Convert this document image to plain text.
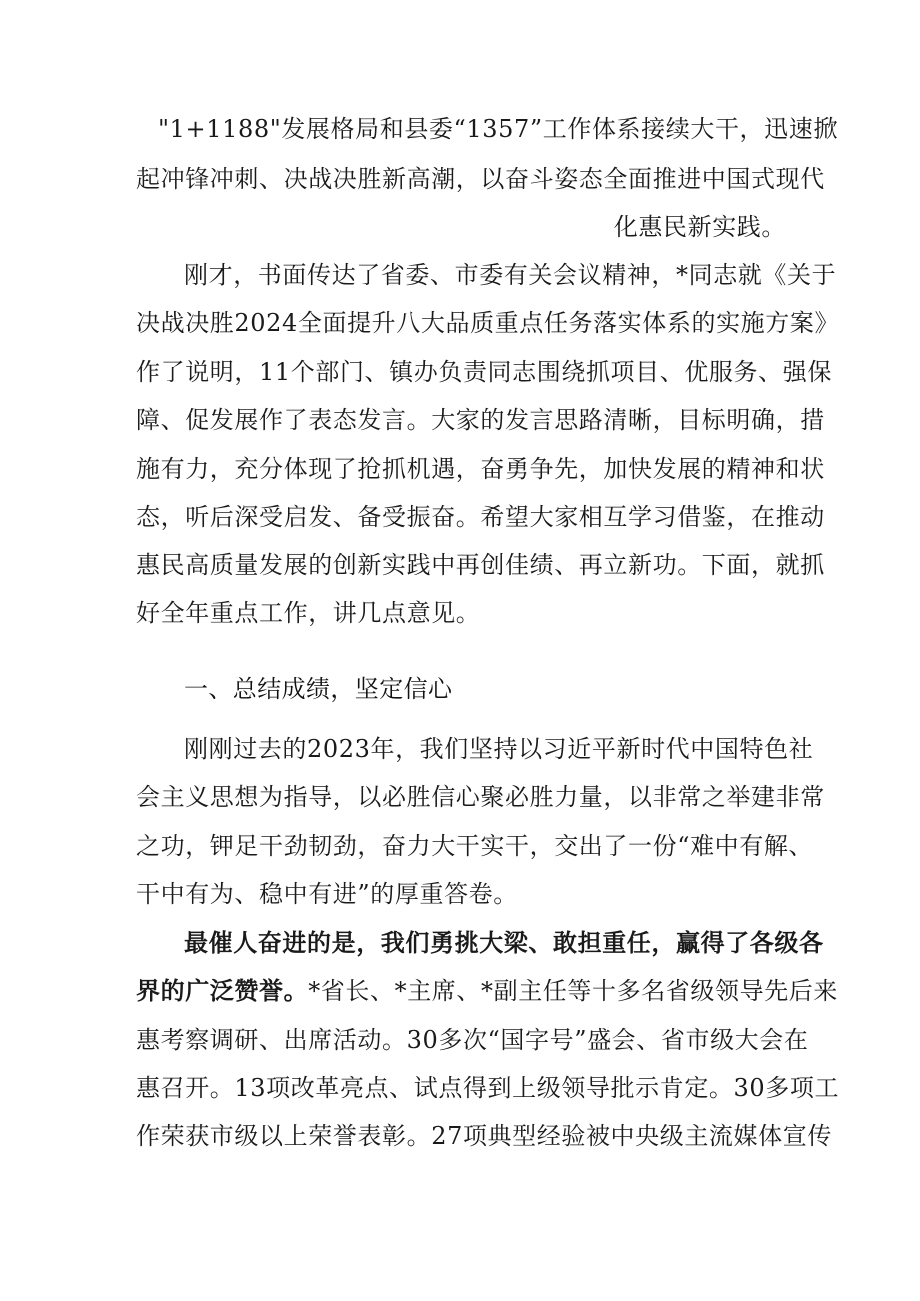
"1+1188"发展格局和县委“1357”工作体系接续大干，迅速掀
起冲锋冲刺、决战决胜新高潮，以奋斗姿态全面推进中国式现代
化惠民新实践。
刚才，书面传达了省委、市委有关会议精神，*同志就《关于
决战决胜2024全面提升八大品质重点任务落实体系的实施方案》
作了说明，11个部门、镇办负责同志围绕抓项目、优服务、强保
障、促发展作了表态发言。大家的发言思路清晰，目标明确，措
施有力，充分体现了抢抓机遇，奋勇争先，加快发展的精神和状
态，听后深受启发、备受振奋。希望大家相互学习借鉴，在推动
惠民高质量发展的创新实践中再创佳绩、再立新功。下面，就抓
好全年重点工作，讲几点意见。
一、总结成绩，坚定信心
刚刚过去的2023年，我们坚持以习近平新时代中国特色社
会主义思想为指导，以必胜信心聚必胜力量，以非常之举建非常
之功，钾足干劲韧劲，奋力大干实干，交出了一份“难中有解、
干中有为、稳中有进”的厚重答卷。
最催人奋进的是，我们勇挑大梁、敢担重任，赢得了各级各
界的广泛赞誉。*省长、*主席、*副主任等十多名省级领导先后来
惠考察调研、出席活动。30多次“国字号”盛会、省市级大会在
惠召开。13项改革亮点、试点得到上级领导批示肯定。30多项工
作荣获市级以上荣誉表彰。27项典型经验被中央级主流媒体宣传
